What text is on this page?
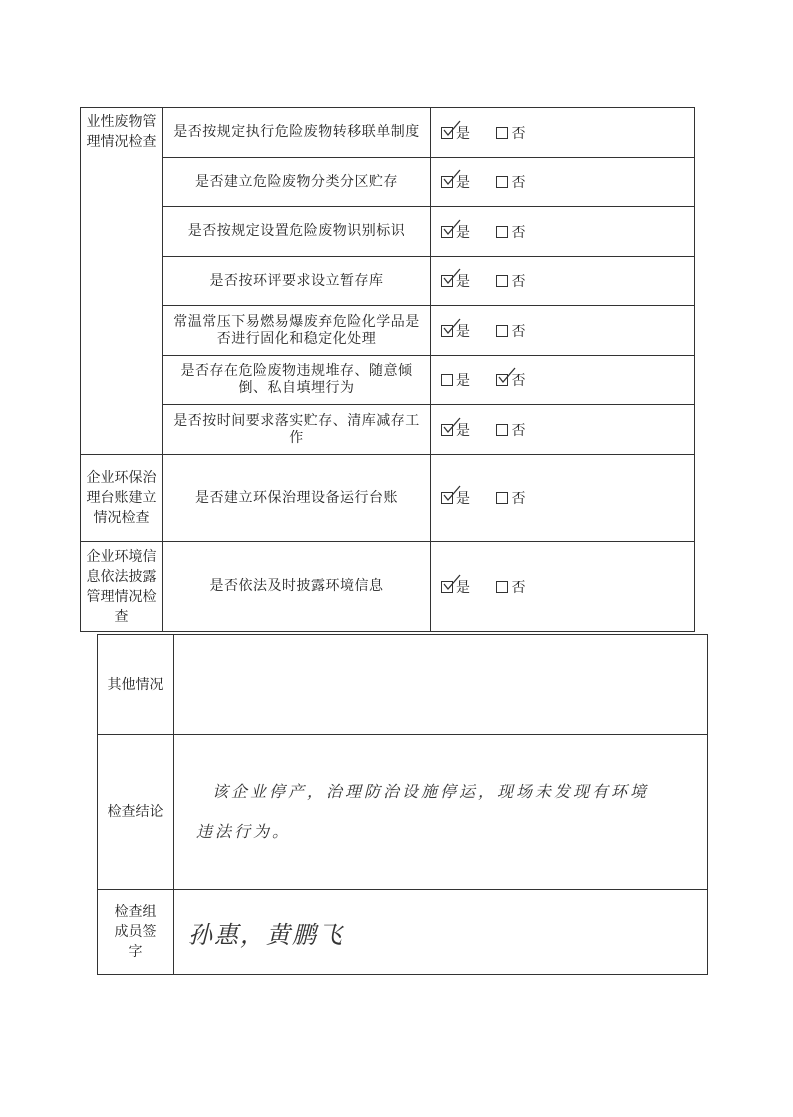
业性废物管理情况检查	是否按规定执行危险废物转移联单制度	是
否

	是否建立危险废物分类分区贮存	是
否

	是否按规定设置危险废物识别标识	是
否

	是否按环评要求设立暂存库	是
否

	常温常压下易燃易爆废弃危险化学品是否进行固化和稳定化处理	是
否

	是否存在危险废物违规堆存、随意倾倒、私自填埋行为	是
否

	是否按时间要求落实贮存、清库减存工作	是
否

企业环保治理台账建立情况检查	是否建立环保治理设备运行台账	是
否

企业环境信息依法披露管理情况检查	是否依法及时披露环境信息	是
否
其他情况	
检查结论	该企业停产，治理防治设施停运，现场未发现有环境
违法行为。

检查组成员签字	孙惠，黄鹏飞
